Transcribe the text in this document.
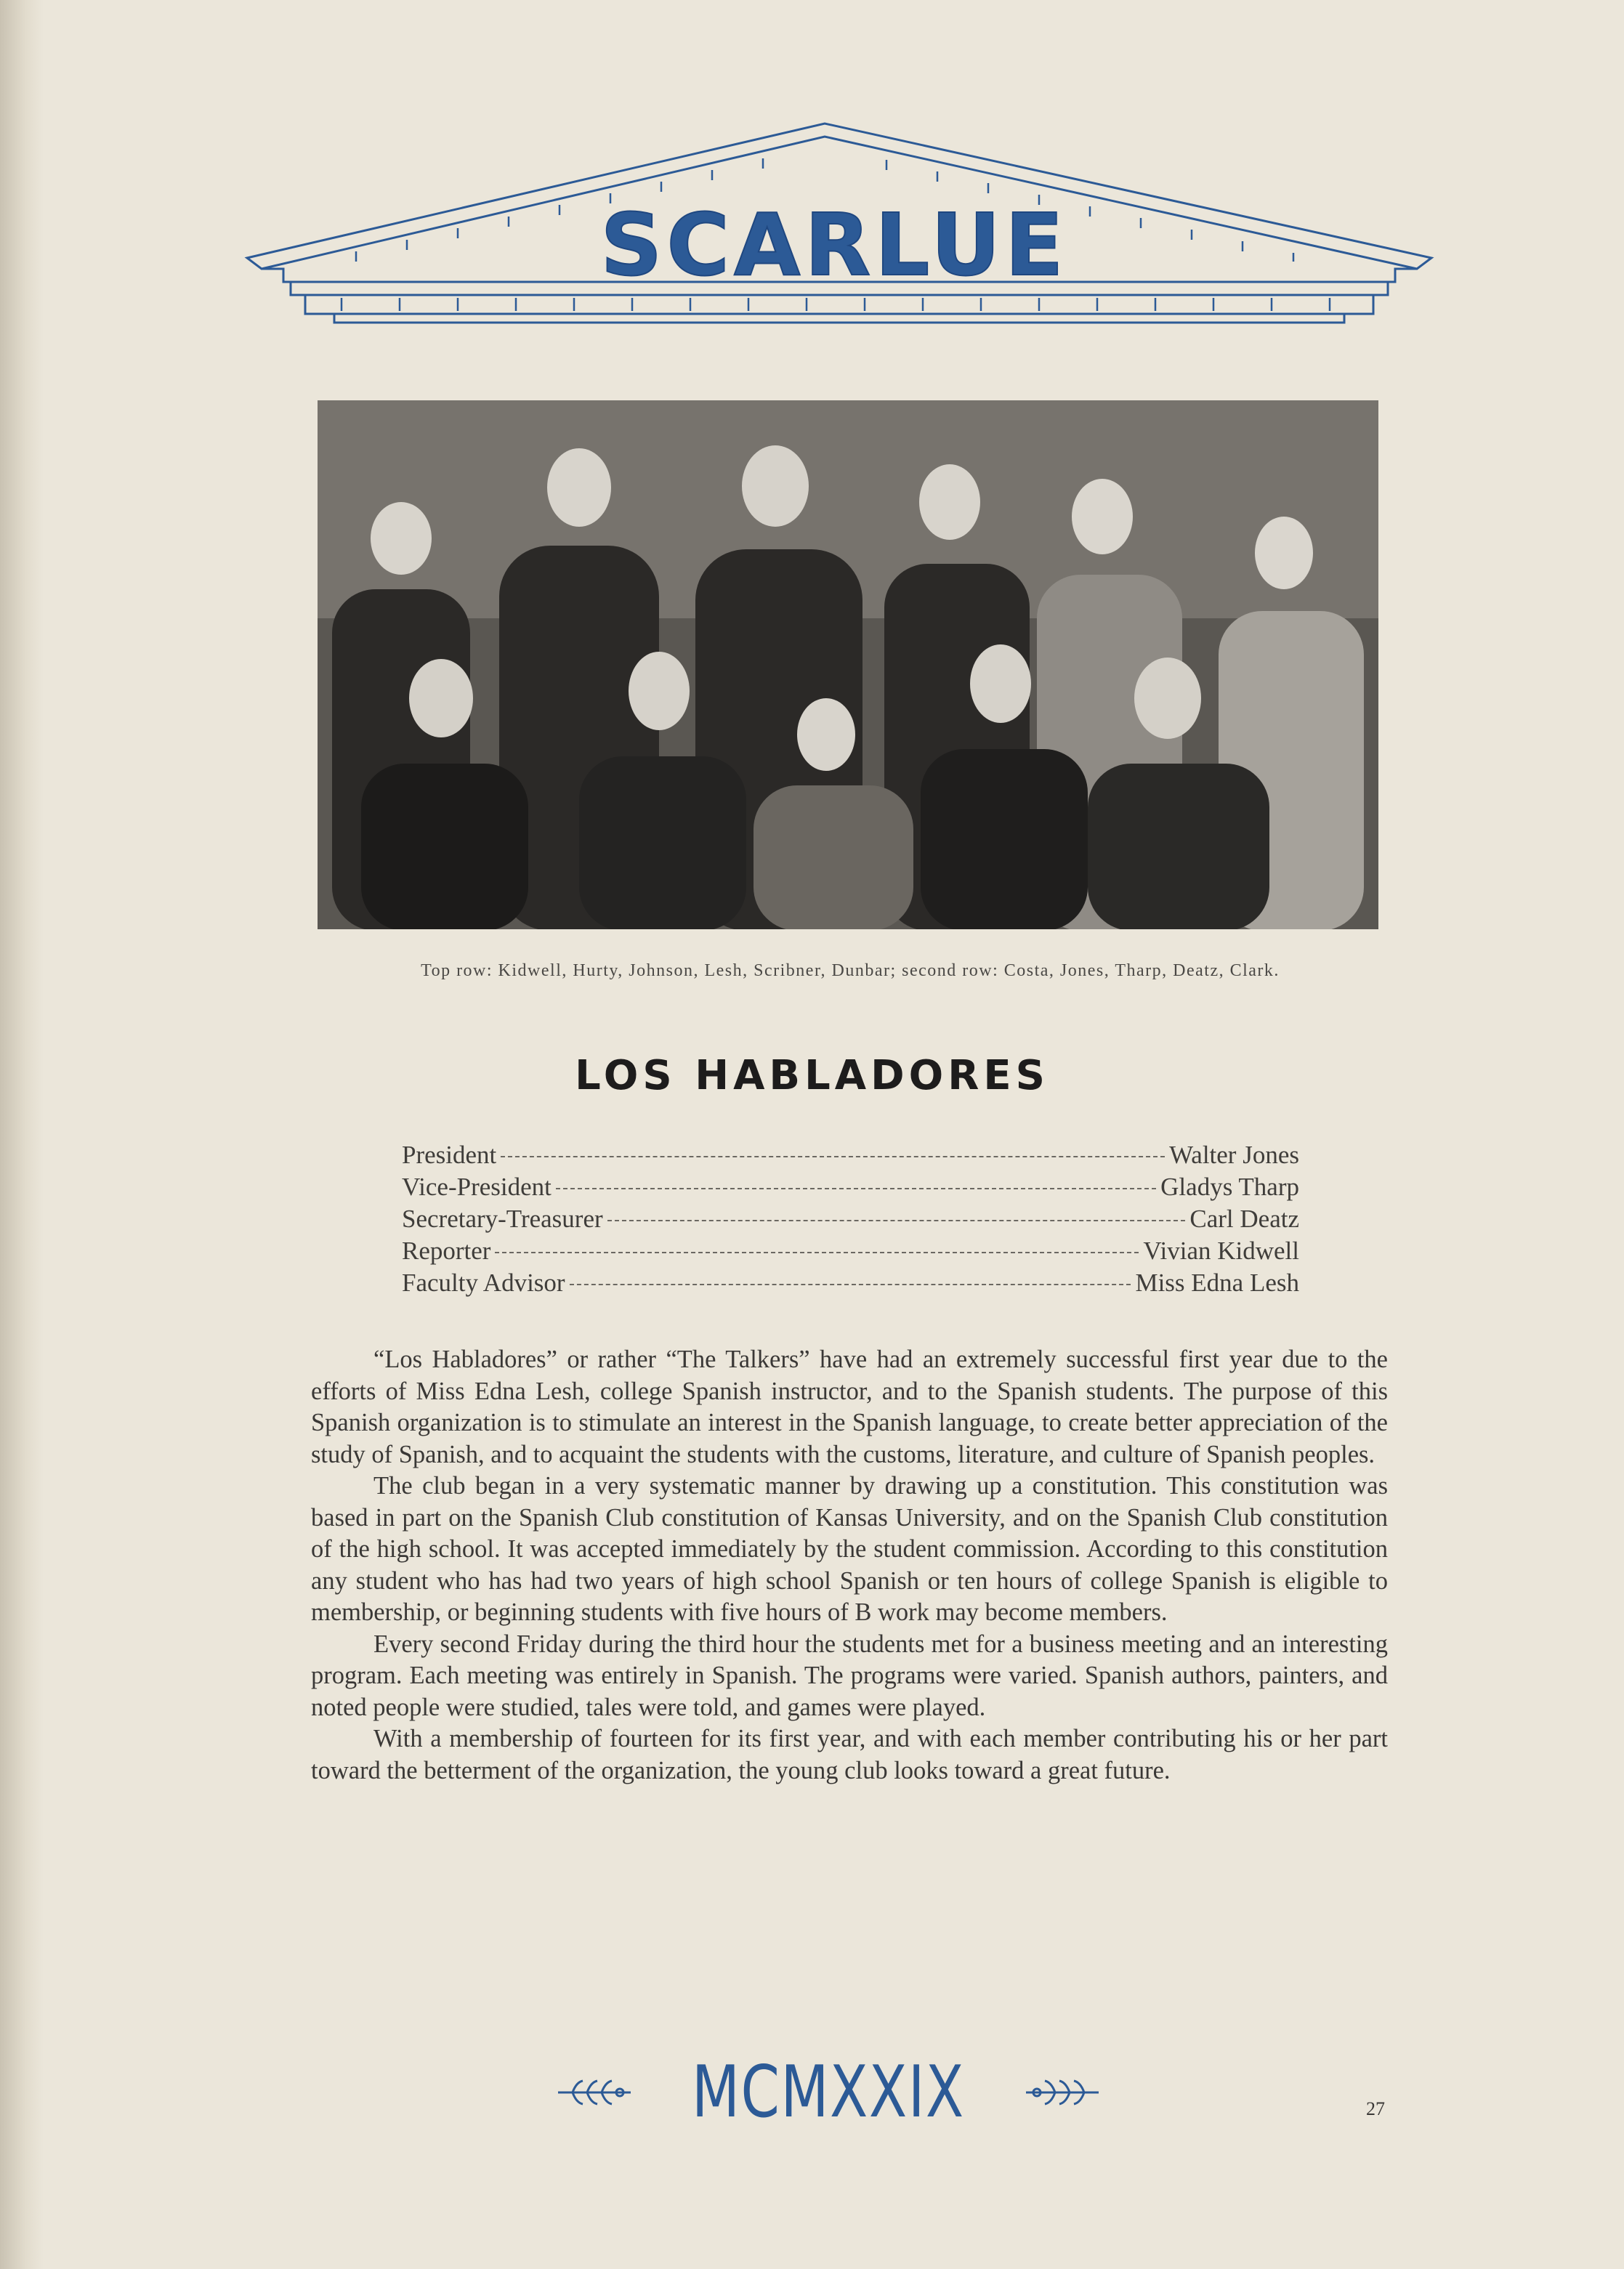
SCARLUE
Top row: Kidwell, Hurty, Johnson, Lesh, Scribner, Dunbar; second row: Costa, Jones, Tharp, Deatz, Clark.
LOS HABLADORES
President	Walter Jones
Vice-President	Gladys Tharp
Secretary-Treasurer	Carl Deatz
Reporter	Vivian Kidwell
Faculty Advisor	Miss Edna Lesh

“Los Habladores” or rather “The Talkers” have had an extremely successful first year due to the efforts of Miss Edna Lesh, college Spanish instructor, and to the Spanish students. The purpose of this Spanish organization is to stimulate an interest in the Spanish language, to create better appreciation of the study of Spanish, and to acquaint the students with the customs, literature, and culture of Spanish peoples.

The club began in a very systematic manner by drawing up a constitution. This constitution was based in part on the Spanish Club constitution of Kansas University, and on the Spanish Club constitution of the high school. It was accepted immediately by the student commission. According to this constitution any student who has had two years of high school Spanish or ten hours of college Spanish is eligible to membership, or beginning students with five hours of B work may become members.

Every second Friday during the third hour the students met for a business meeting and an interesting program. Each meeting was entirely in Spanish. The programs were varied. Spanish authors, painters, and noted people were studied, tales were told, and games were played.

With a membership of fourteen for its first year, and with each member contributing his or her part toward the betterment of the organization, the young club looks toward a great future.

MCMXXIX	27
